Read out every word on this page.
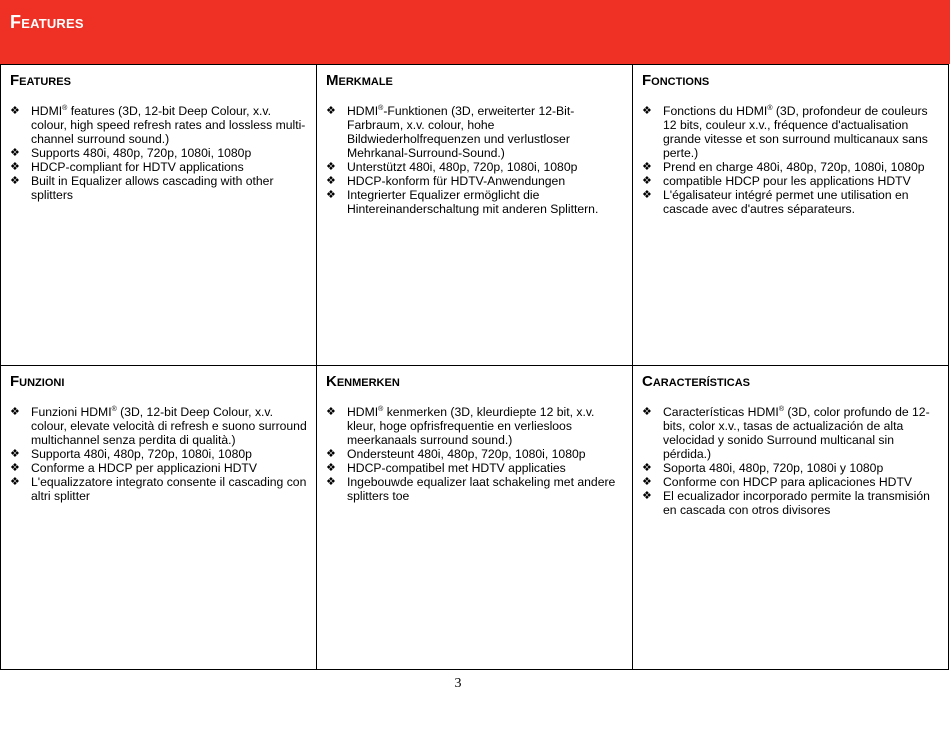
Features
Features
❖ HDMI® features (3D, 12-bit Deep Colour, x.v. colour, high speed refresh rates and lossless multi-channel surround sound.)
❖ Supports 480i, 480p, 720p, 1080i, 1080p
❖ HDCP-compliant for HDTV applications
❖ Built in Equalizer allows cascading with other splitters
Merkmale
❖ HDMI®-Funktionen (3D, erweiterter 12-Bit-Farbraum, x.v. colour, hohe Bildwiederholfrequenzen und verlustloser Mehrkanal-Surround-Sound.)
❖ Unterstützt 480i, 480p, 720p, 1080i, 1080p
❖ HDCP-konform für HDTV-Anwendungen
❖ Integrierter Equalizer ermöglicht die Hintereinanderschaltung mit anderen Splittern.
Fonctions
❖ Fonctions du HDMI® (3D, profondeur de couleurs 12 bits, couleur x.v., fréquence d'actualisation grande vitesse et son surround multicanaux sans perte.)
❖ Prend en charge 480i, 480p, 720p, 1080i, 1080p
❖ compatible HDCP pour les applications HDTV
❖ L'égalisateur intégré permet une utilisation en cascade avec d'autres séparateurs.
Funzioni
❖ Funzioni HDMI® (3D, 12-bit Deep Colour, x.v. colour, elevate velocità di refresh e suono surround multichannel senza perdita di qualità.)
❖ Supporta 480i, 480p, 720p, 1080i, 1080p
❖ Conforme a HDCP per applicazioni HDTV
❖ L'equalizzatore integrato consente il cascading con altri splitter
Kenmerken
❖ HDMI® kenmerken (3D, kleurdiepte 12 bit, x.v. kleur, hoge opfrisfrequentie en verliesloos meerkanaals surround sound.)
❖ Ondersteunt 480i, 480p, 720p, 1080i, 1080p
❖ HDCP-compatibel met HDTV applicaties
❖ Ingebouwde equalizer laat schakeling met andere splitters toe
Características
❖ Características HDMI® (3D, color profundo de 12-bits, color x.v., tasas de actualización de alta velocidad y sonido Surround multicanal sin pérdida.)
❖ Soporta 480i, 480p, 720p, 1080i y 1080p
❖ Conforme con HDCP para aplicaciones HDTV
❖ El ecualizador incorporado permite la transmisión en cascada con otros divisores
3
